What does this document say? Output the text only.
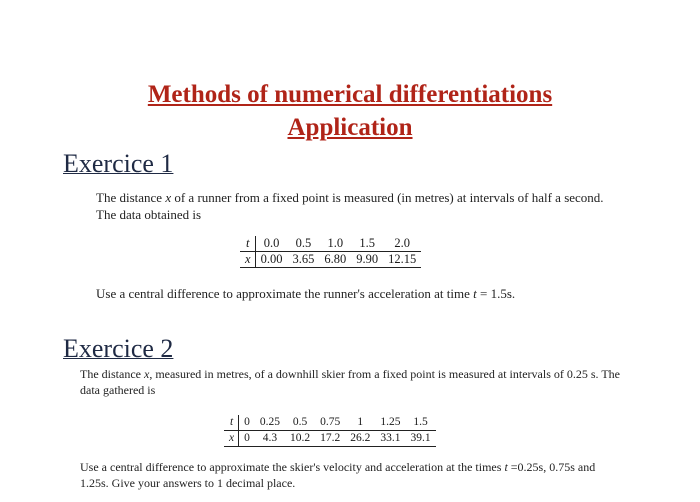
Methods of numerical differentiations
Application
Exercice 1

The distance x of a runner from a fixed point is measured (in metres) at intervals of half a second. The data obtained is

t	0.0	0.5	1.0	1.5	2.0
x	0.00	3.65	6.80	9.90	12.15

Use a central difference to approximate the runner's acceleration at time t = 1.5s.

Exercice 2

The distance x, measured in metres, of a downhill skier from a fixed point is measured at intervals of 0.25 s. The data gathered is

t	0	0.25	0.5	0.75	1	1.25	1.5
x	0	4.3	10.2	17.2	26.2	33.1	39.1

Use a central difference to approximate the skier's velocity and acceleration at the times t =0.25s, 0.75s and 1.25s. Give your answers to 1 decimal place.
